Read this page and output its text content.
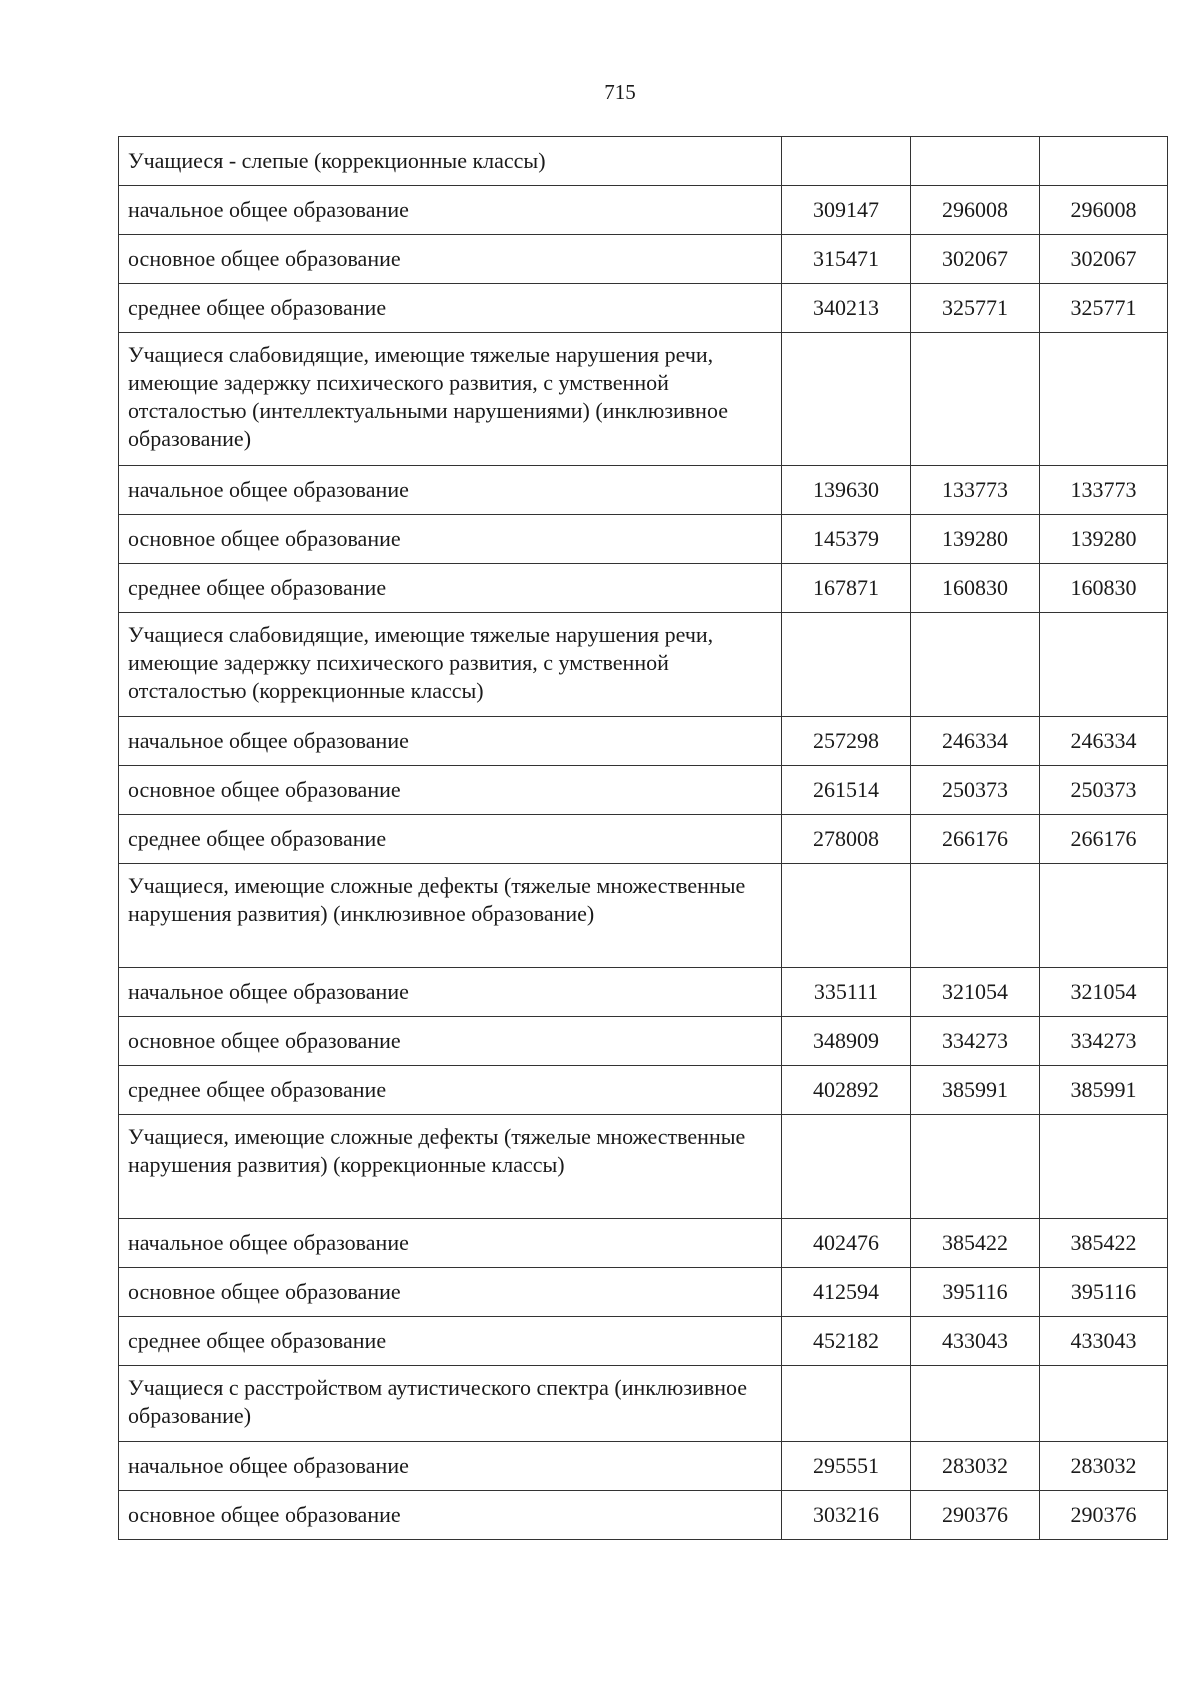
715
Учащиеся - слепые (коррекционные классы)			
начальное общее образование	309147	296008	296008
основное общее образование	315471	302067	302067
среднее общее образование	340213	325771	325771
Учащиеся слабовидящие, имеющие тяжелые нарушения речи, имеющие задержку психического развития, с умственной отсталостью (интеллектуальными нарушениями) (инклюзивное образование)			
начальное общее образование	139630	133773	133773
основное общее образование	145379	139280	139280
среднее общее образование	167871	160830	160830
Учащиеся слабовидящие, имеющие тяжелые нарушения речи, имеющие задержку психического развития, с умственной отсталостью (коррекционные классы)			
начальное общее образование	257298	246334	246334
основное общее образование	261514	250373	250373
среднее общее образование	278008	266176	266176
Учащиеся, имеющие сложные дефекты (тяжелые множественные нарушения развития) (инклюзивное образование)			
начальное общее образование	335111	321054	321054
основное общее образование	348909	334273	334273
среднее общее образование	402892	385991	385991
Учащиеся, имеющие сложные дефекты (тяжелые множественные нарушения развития) (коррекционные классы)			
начальное общее образование	402476	385422	385422
основное общее образование	412594	395116	395116
среднее общее образование	452182	433043	433043
Учащиеся с расстройством аутистического спектра (инклюзивное образование)			
начальное общее образование	295551	283032	283032
основное общее образование	303216	290376	290376
